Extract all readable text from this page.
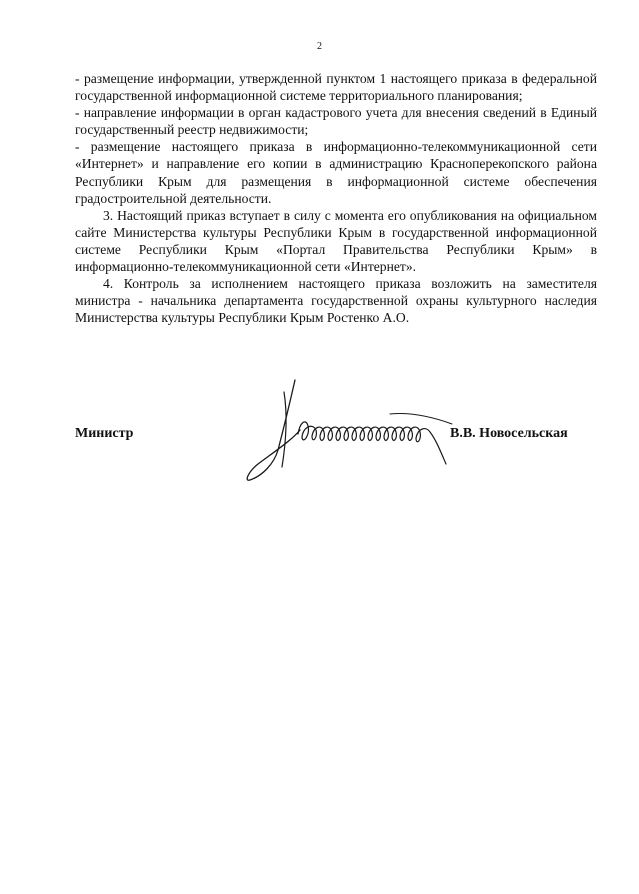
2

- размещение информации, утвержденной пунктом 1 настоящего приказа в федеральной государственной информационной системе территориального планирования;

- направление информации в орган кадастрового учета для внесения сведений в Единый государственный реестр недвижимости;

- размещение настоящего приказа в информационно-телекоммуникационной сети «Интернет» и направление его копии в администрацию Красноперекопского района Республики Крым для размещения в информационной системе обеспечения градостроительной деятельности.

3. Настоящий приказ вступает в силу с момента его опубликования на официальном сайте Министерства культуры Республики Крым в государственной информационной системе Республики Крым «Портал Правительства Республики Крым» в информационно-телекоммуникационной сети «Интернет».

4. Контроль за исполнением настоящего приказа возложить на заместителя министра - начальника департамента государственной охраны культурного наследия Министерства культуры Республики Крым Ростенко А.О.

Министр	В.В. Новосельская
